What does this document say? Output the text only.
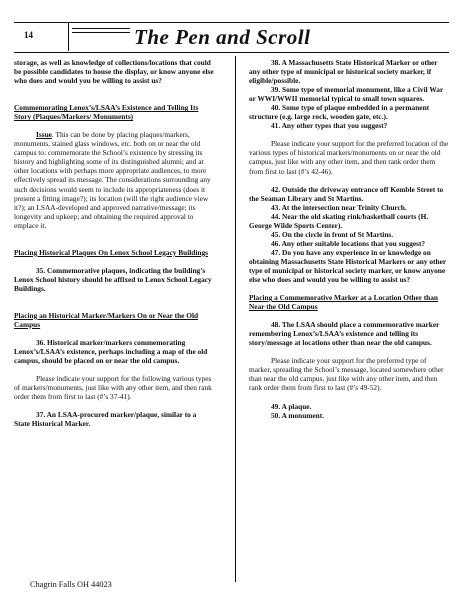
14	The Pen and Scroll

storage, as well as knowledge of collections/locations that could be possible candidates to house the display, or know anyone else who does and would you be willing to assist us?

Commemorating Lenox’s/LSAA’s Existence and Telling Its Story (Plaques/Markers/ Monuments)

Issue. This can be done by placing plaques/markers, monuments, stained glass windows, etc. both on or near the old campus to: commemorate the School’s existence by stressing its history and highlighting some of its distinguished alumni; and at other locations with perhaps more appropriate audiences, to more effectively spread its message. The considerations surrounding any such decisions would seem to include its appropriateness (does it present a fitting image?); its location (will the right audience view it?); an LSAA-developed and approved narrative/message; its longevity and upkeep; and obtaining the required approval to emplace it.

Placing Historical Plaques On Lenox School Legacy Buildings

35. Commemorative plaques, indicating the building’s Lenox School history should be affixed to Lenox School Legacy Buildings.

Placing an Historical Marker/Markers On or Near the Old Campus

36. Historical marker/markers commemorating Lenox’s/LSAA’s existence, perhaps including a map of the old campus, should be placed on or near the old campus.

Please indicate your support for the following various types of markers/monuments, just like with any other item, and then rank order them from first to last (#’s 37-41).

37. An LSAA-procured marker/plaque, similar to a State Historical Marker.

38. A Massachusetts State Historical Marker or other any other type of municipal or historical society marker, if eligible/possible.

39. Some type of memorial monument, like a Civil War or WWI/WWII memorial typical to small town squares.

40. Some type of plaque embedded in a permanent structure (e.g. large rock, wooden gate, etc.).

41. Any other types that you suggest?

Please indicate your support for the preferred location of the various types of historical markers/monuments on or near the old campus, just like with any other item, and then rank order them from first to last (#’s 42-46).

42. Outside the driveway entrance off Kemble Street to the Seaman Library and St Martins.

43. At the intersection near Trinity Church.

44. Near the old skating rink/basketball courts (H. George Wilde Sports Center).

45. On the circle in front of St Martins.

46. Any other suitable locations that you suggest?

47. Do you have any experience in or knowledge on obtaining Massachusetts State Historical Markers or any other type of municipal or historical society marker, or know anyone else who does and would you be willing to assist us?

Placing a Commemorative Marker at a Location Other than Near the Old Campus

48. The LSAA should place a commemorative marker remembering Lenox’s/LSAA’s existence and telling its story/message at locations other than near the old campus.

Please indicate your support for the preferred type of marker, spreading the School’s message, located somewhere other than near the old campus, just like with any other item, and then rank order them from first to last (#’s 49-52).

49. A plaque.

50. A monument.

Chagrin Falls OH 44023
